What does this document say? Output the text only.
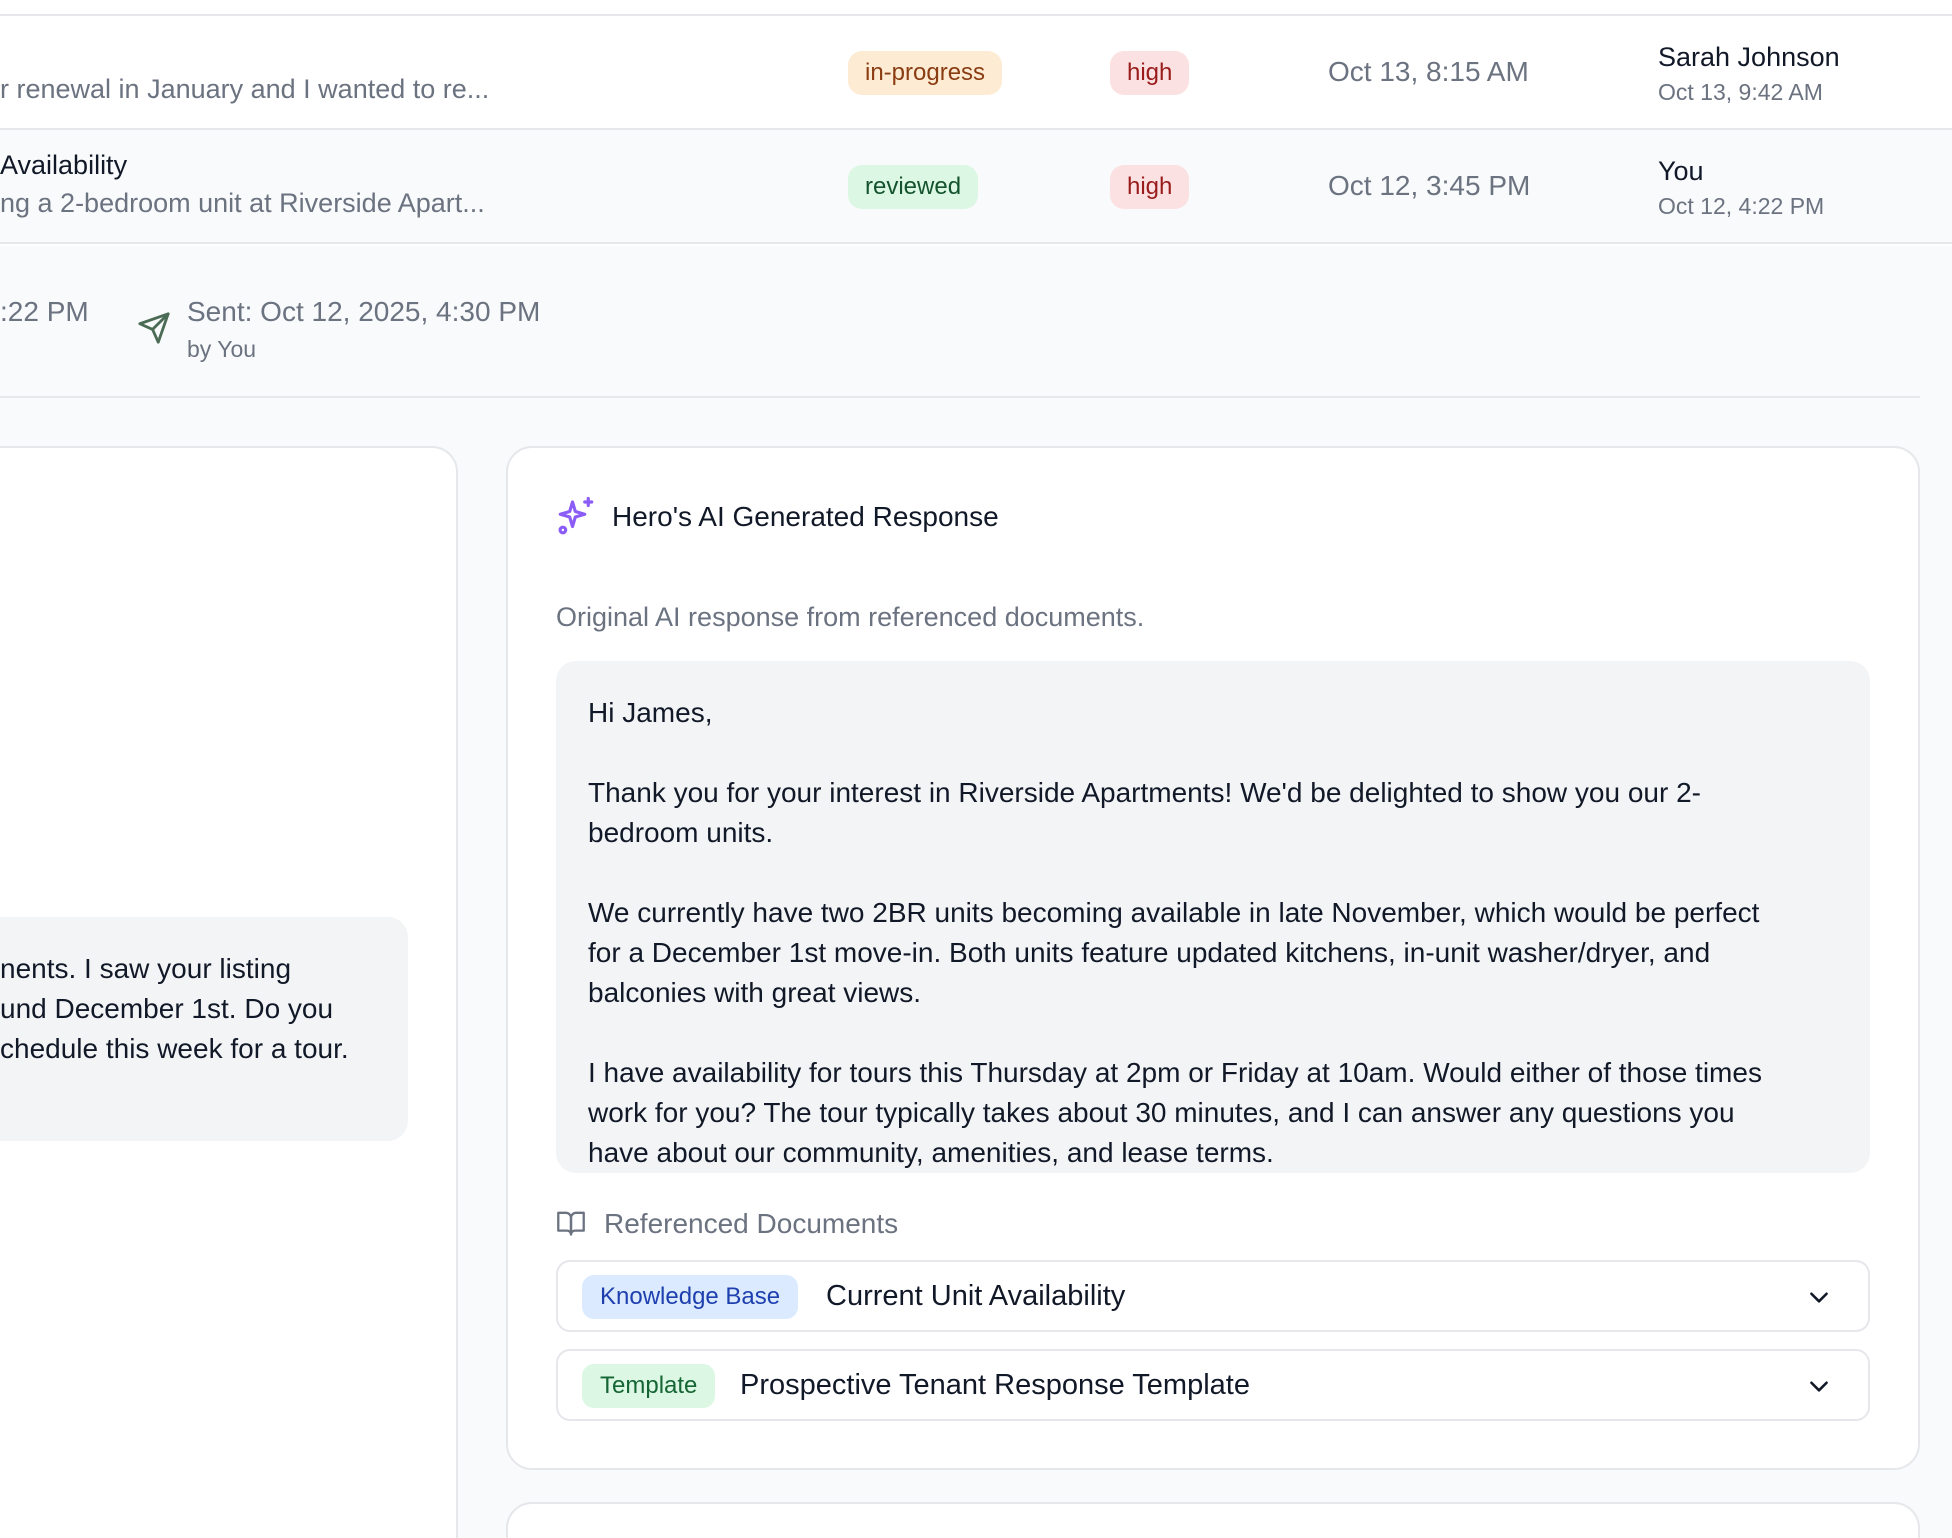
r renewal in January and I wanted to re...
in-progress	high	Oct 13, 8:15 AM	Sarah Johnson
Oct 13, 9:42 AM
Availability
ng a 2-bedroom unit at Riverside Apart...
reviewed	high	Oct 12, 3:45 PM	You
Oct 12, 4:22 PM
:22 PM	Sent: Oct 12, 2025, 4:30 PM
by You
nents. I saw your listing
und December 1st. Do you
chedule this week for a tour.
Hero's AI Generated Response
Original AI response from referenced documents.
Hi James,
Thank you for your interest in Riverside Apartments! We'd be delighted to show you our 2-
bedroom units.
We currently have two 2BR units becoming available in late November, which would be perfect
for a December 1st move-in. Both units feature updated kitchens, in-unit washer/dryer, and
balconies with great views.
I have availability for tours this Thursday at 2pm or Friday at 10am. Would either of those times
work for you? The tour typically takes about 30 minutes, and I can answer any questions you
have about our community, amenities, and lease terms.
Referenced Documents
Knowledge Base	Current Unit Availability
Template	Prospective Tenant Response Template
